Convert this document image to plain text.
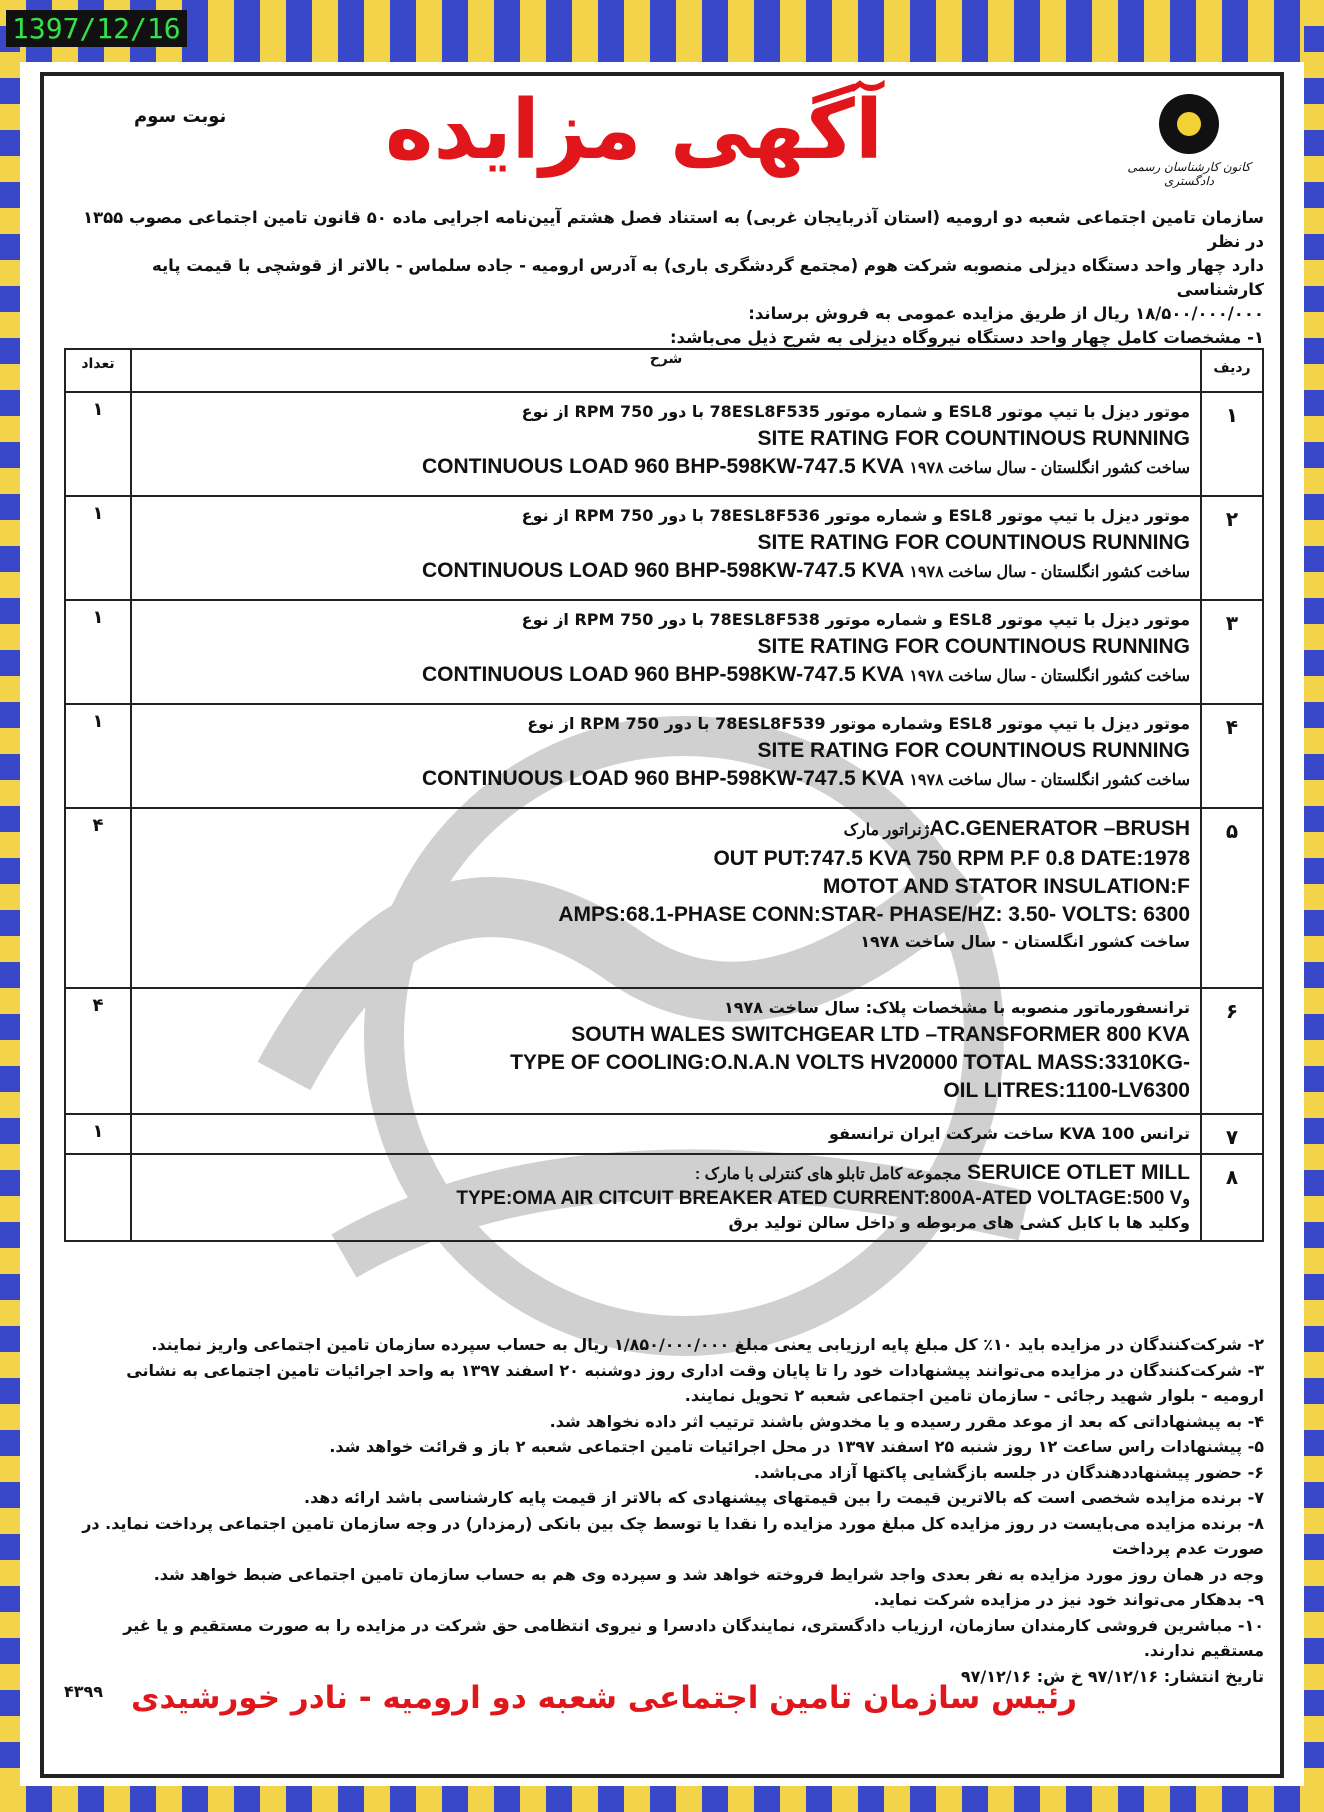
1397/12/16
کانون کارشناسان رسمی دادگستری
نوبت سوم	آگهی مزایده

سازمان تامین اجتماعی شعبه دو ارومیه (استان آذربایجان غربی) به استناد فصل هشتم آیین‌نامه اجرایی ماده ۵۰ قانون تامین اجتماعی مصوب ۱۳۵۵ در نظر

دارد چهار واحد دستگاه دیزلی منصوبه شرکت هوم (مجتمع گردشگری باری) به آدرس ارومیه - جاده سلماس - بالاتر از قوشچی با قیمت پایه کارشناسی

۱۸/۵۰۰/۰۰۰/۰۰۰ ریال از طریق مزایده عمومی به فروش برساند:

۱- مشخصات کامل چهار واحد دستگاه نیروگاه دیزلی به شرح ذیل می‌باشد:

ردیف	شرح	تعداد
۱	موتور دیزل با تیپ موتور ESL8 و شماره موتور 78ESL8F535 با دور 750 RPM از نوع
SITE RATING FOR COUNTINOUS RUNNING
CONTINUOUS LOAD 960 BHP-598KW-747.5 KVA ساخت کشور انگلستان - سال ساخت ۱۹۷۸	۱
۲	موتور دیزل با تیپ موتور ESL8 و شماره موتور 78ESL8F536 با دور 750 RPM از نوع
SITE RATING FOR COUNTINOUS RUNNING
CONTINUOUS LOAD 960 BHP-598KW-747.5 KVA ساخت کشور انگلستان - سال ساخت ۱۹۷۸	۱
۳	موتور دیزل با تیپ موتور ESL8 و شماره موتور 78ESL8F538 با دور 750 RPM از نوع
SITE RATING FOR COUNTINOUS RUNNING
CONTINUOUS LOAD 960 BHP-598KW-747.5 KVA ساخت کشور انگلستان - سال ساخت ۱۹۷۸	۱
۴	موتور دیزل با تیپ موتور ESL8 وشماره موتور 78ESL8F539 با دور 750 RPM از نوع
SITE RATING FOR COUNTINOUS RUNNING
CONTINUOUS LOAD 960 BHP-598KW-747.5 KVA ساخت کشور انگلستان - سال ساخت ۱۹۷۸	۱
۵	ژنراتور مارکAC.GENERATOR –BRUSH
OUT PUT:747.5 KVA 750 RPM P.F 0.8 DATE:1978
MOTOT AND STATOR INSULATION:F
AMPS:68.1-PHASE CONN:STAR- PHASE/HZ: 3.50- VOLTS: 6300
ساخت کشور انگلستان - سال ساخت ۱۹۷۸	۴
۶	ترانسفورماتور منصوبه با مشخصات پلاک: سال ساخت ۱۹۷۸
SOUTH WALES SWITCHGEAR LTD –TRANSFORMER 800 KVA
TYPE OF COOLING:O.N.A.N VOLTS HV20000 TOTAL MASS:3310KG-
OIL LITRES:1100-LV6300	۴
۷	ترانس 100 KVA ساخت شرکت ایران ترانسفو	۱
۸	مجموعه کامل تابلو های کنترلی با مارک : SERUICE OTLET MILL
TYPE:OMA AIR CITCUIT BREAKER ATED CURRENT:800A-ATED VOLTAGE:500 Vو
وکلید ها با کابل کشی های مربوطه و داخل سالن تولید برق	

۲- شرکت‌کنندگان در مزایده باید ۱۰٪ کل مبلغ پایه ارزیابی یعنی مبلغ ۱/۸۵۰/۰۰۰/۰۰۰ ریال به حساب سپرده سازمان تامین اجتماعی واریز نمایند.

۳- شرکت‌کنندگان در مزایده می‌توانند پیشنهادات خود را تا پایان وقت اداری روز دوشنبه ۲۰ اسفند ۱۳۹۷ به واحد اجرائیات تامین اجتماعی به نشانی

ارومیه - بلوار شهید رجائی - سازمان تامین اجتماعی شعبه ۲ تحویل نمایند.

۴- به پیشنهاداتی که بعد از موعد مقرر رسیده و یا مخدوش باشند ترتیب اثر داده نخواهد شد.

۵- پیشنهادات راس ساعت ۱۲ روز شنبه ۲۵ اسفند ۱۳۹۷ در محل اجرائیات تامین اجتماعی شعبه ۲ باز و قرائت خواهد شد.

۶- حضور پیشنهاددهندگان در جلسه بازگشایی پاکتها آزاد می‌باشد.

۷- برنده مزایده شخصی است که بالاترین قیمت را بین قیمتهای پیشنهادی که بالاتر از قیمت پایه کارشناسی باشد ارائه دهد.

۸- برنده مزایده می‌بایست در روز مزایده کل مبلغ مورد مزایده را نقدا یا توسط چک بین بانکی (رمزدار) در وجه سازمان تامین اجتماعی پرداخت نماید. در صورت عدم پرداخت

وجه در همان روز مورد مزایده به نفر بعدی واجد شرایط فروخته خواهد شد و سپرده وی هم به حساب سازمان تامین اجتماعی ضبط خواهد شد.

۹- بدهکار می‌تواند خود نیز در مزایده شرکت نماید.

۱۰- مباشرین فروشی کارمندان سازمان، ارزیاب دادگستری، نمایندگان دادسرا و نیروی انتظامی حق شرکت در مزایده را به صورت مستقیم و یا غیر مستقیم ندارند.

تاریخ انتشار: ۹۷/۱۲/۱۶ خ ش: ۹۷/۱۲/۱۶

۴۳۹۹ رئیس سازمان تامین اجتماعی شعبه دو ارومیه - نادر خورشیدی
